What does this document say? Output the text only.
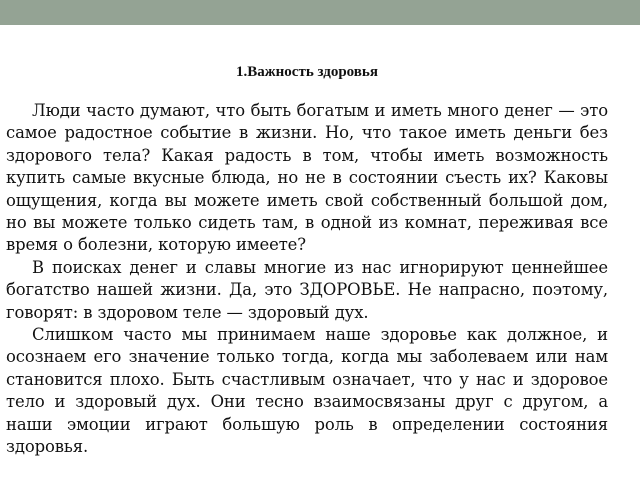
1.Важность здоровья

Люди часто думают, что быть богатым и иметь много денег — это самое радостное событие в жизни. Но, что такое иметь деньги без здорового тела? Какая радость в том, чтобы иметь возможность купить самые вкусные блюда, но не в состоянии съесть их? Каковы ощущения, когда вы можете иметь свой собственный большой дом, но вы можете только сидеть там, в одной из комнат, переживая все время о болезни, которую имеете?

В поисках денег и славы многие из нас игнорируют ценнейшее богатство нашей жизни. Да, это ЗДОРОВЬЕ. Не напрасно, поэтому, говорят: в здоровом теле — здоровый дух.

Слишком часто мы принимаем наше здоровье как должное, и осознаем его значение только тогда, когда мы заболеваем или нам становится плохо. Быть счастливым означает, что у нас и здоровое тело и здоровый дух. Они тесно взаимосвязаны друг с другом, а наши эмоции играют большую роль в определении состояния здоровья.
